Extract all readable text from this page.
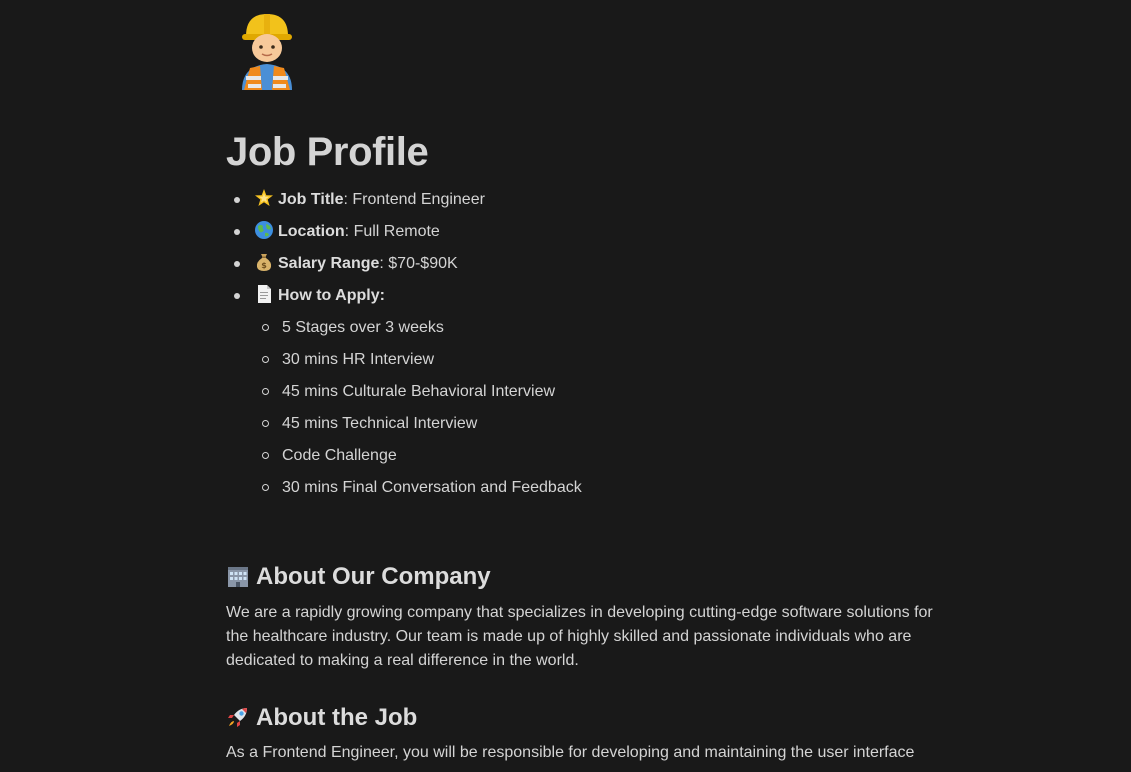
Job Profile
Job Title: Frontend Engineer
Location: Full Remote
$ Salary Range: $70-$90K
How to Apply:
5 Stages over 3 weeks
30 mins HR Interview
45 mins Culturale Behavioral Interview
45 mins Technical Interview
Code Challenge
30 mins Final Conversation and Feedback
About Our Company

We are a rapidly growing company that specializes in developing cutting-edge software solutions for the healthcare industry. Our team is made up of highly skilled and passionate individuals who are dedicated to making a real difference in the world.

About the Job

As a Frontend Engineer, you will be responsible for developing and maintaining the user interface
